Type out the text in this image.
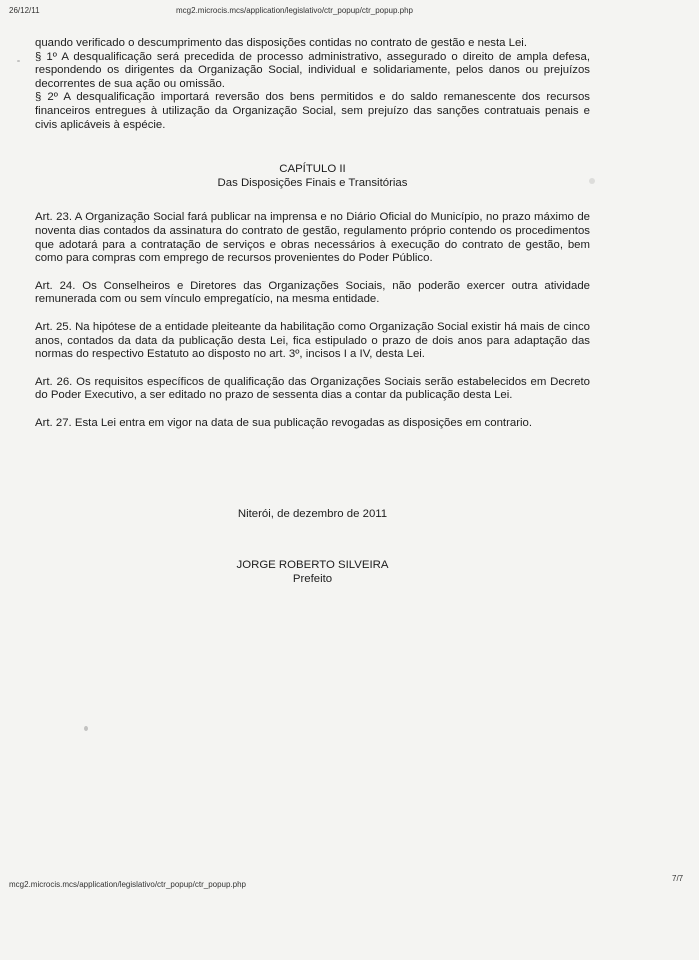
26/12/11	mcg2.microcis.mcs/application/legislativo/ctr_popup/ctr_popup.php

quando verificado o descumprimento das disposições contidas no contrato de gestão e nesta Lei.

§ 1º A desqualificação será precedida de processo administrativo, assegurado o direito de ampla defesa, respondendo os dirigentes da Organização Social, individual e solidariamente, pelos danos ou prejuízos decorrentes de sua ação ou omissão.

§ 2º A desqualificação importará reversão dos bens permitidos e do saldo remanescente dos recursos financeiros entregues à utilização da Organização Social, sem prejuízo das sanções contratuais penais e civis aplicáveis à espécie.

CAPÍTULO II

Das Disposições Finais e Transitórias

Art. 23. A Organização Social fará publicar na imprensa e no Diário Oficial do Município, no prazo máximo de noventa dias contados da assinatura do contrato de gestão, regulamento próprio contendo os procedimentos que adotará para a contratação de serviços e obras necessários à execução do contrato de gestão, bem como para compras com emprego de recursos provenientes do Poder Público.

Art. 24. Os Conselheiros e Diretores das Organizações Sociais, não poderão exercer outra atividade remunerada com ou sem vínculo empregatício, na mesma entidade.

Art. 25. Na hipótese de a entidade pleiteante da habilitação como Organização Social existir há mais de cinco anos, contados da data da publicação desta Lei, fica estipulado o prazo de dois anos para adaptação das normas do respectivo Estatuto ao disposto no art. 3º, incisos I a IV, desta Lei.

Art. 26. Os requisitos específicos de qualificação das Organizações Sociais serão estabelecidos em Decreto do Poder Executivo, a ser editado no prazo de sessenta dias a contar da publicação desta Lei.

Art. 27. Esta Lei entra em vigor na data de sua publicação revogadas as disposições em contrario.

Niterói, de dezembro de 2011
JORGE ROBERTO SILVEIRA
Prefeito
mcg2.microcis.mcs/application/legislativo/ctr_popup/ctr_popup.php
7/7
